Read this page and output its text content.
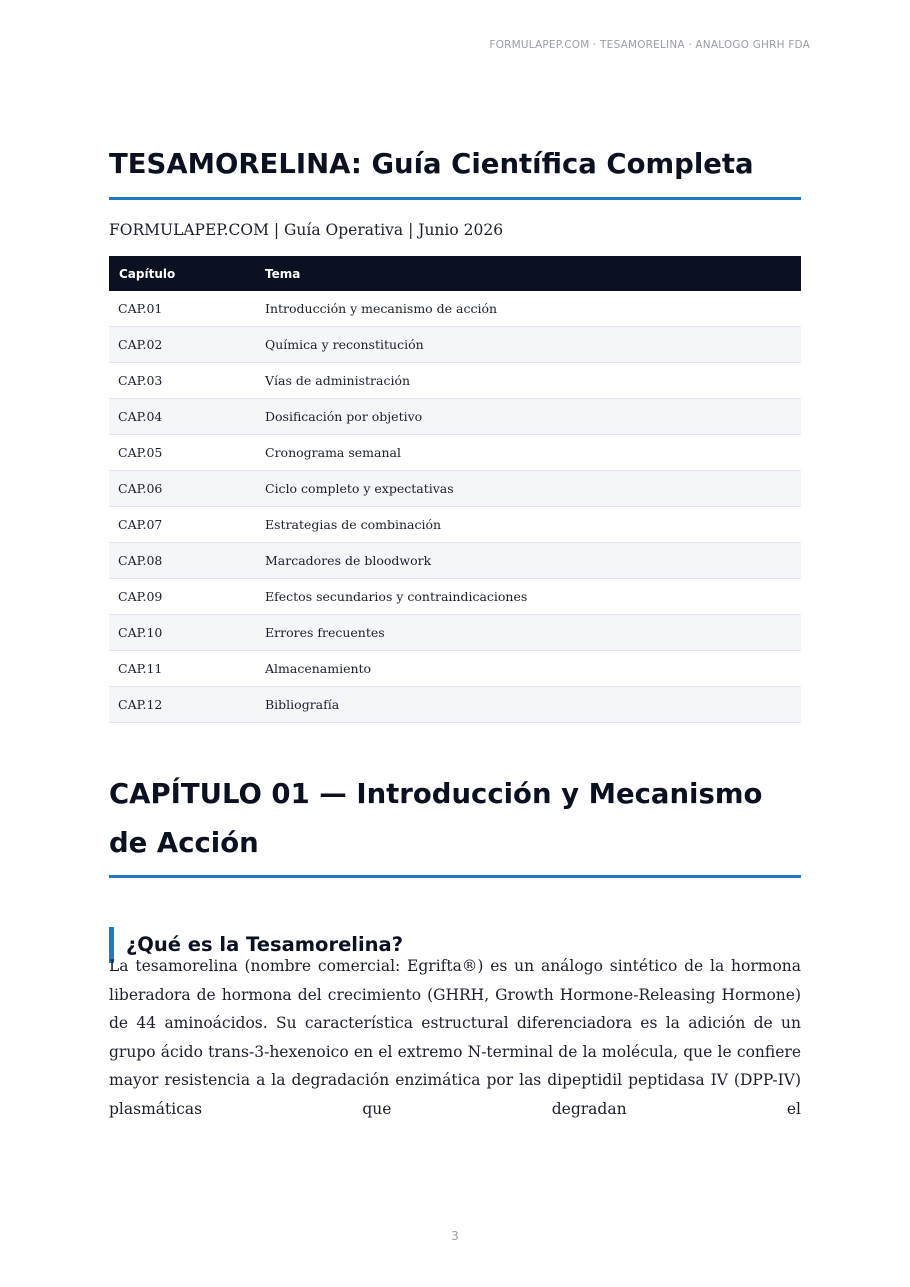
FORMULAPEP.COM · TESAMORELINA · ANALOGO GHRH FDA
TESAMORELINA: Guía Científica Completa
FORMULAPEP.COM | Guía Operativa | Junio 2026
Capítulo	Tema
CAP.01	Introducción y mecanismo de acción
CAP.02	Química y reconstitución
CAP.03	Vías de administración
CAP.04	Dosificación por objetivo
CAP.05	Cronograma semanal
CAP.06	Ciclo completo y expectativas
CAP.07	Estrategias de combinación
CAP.08	Marcadores de bloodwork
CAP.09	Efectos secundarios y contraindicaciones
CAP.10	Errores frecuentes
CAP.11	Almacenamiento
CAP.12	Bibliografía
CAPÍTULO 01 — Introducción y Mecanismo de Acción
¿Qué es la Tesamorelina?

La tesamorelina (nombre comercial: Egrifta®) es un análogo sintético de la hormona liberadora de hormona del crecimiento (GHRH, Growth Hormone-Releasing Hormone) de 44 aminoácidos. Su característica estructural diferenciadora es la adición de un grupo ácido trans-3-hexenoico en el extremo N-terminal de la molécula, que le confiere mayor resistencia a la degradación enzimática por las dipeptidil peptidasa IV (DPP-IV) plasmáticas que degradan el

3
